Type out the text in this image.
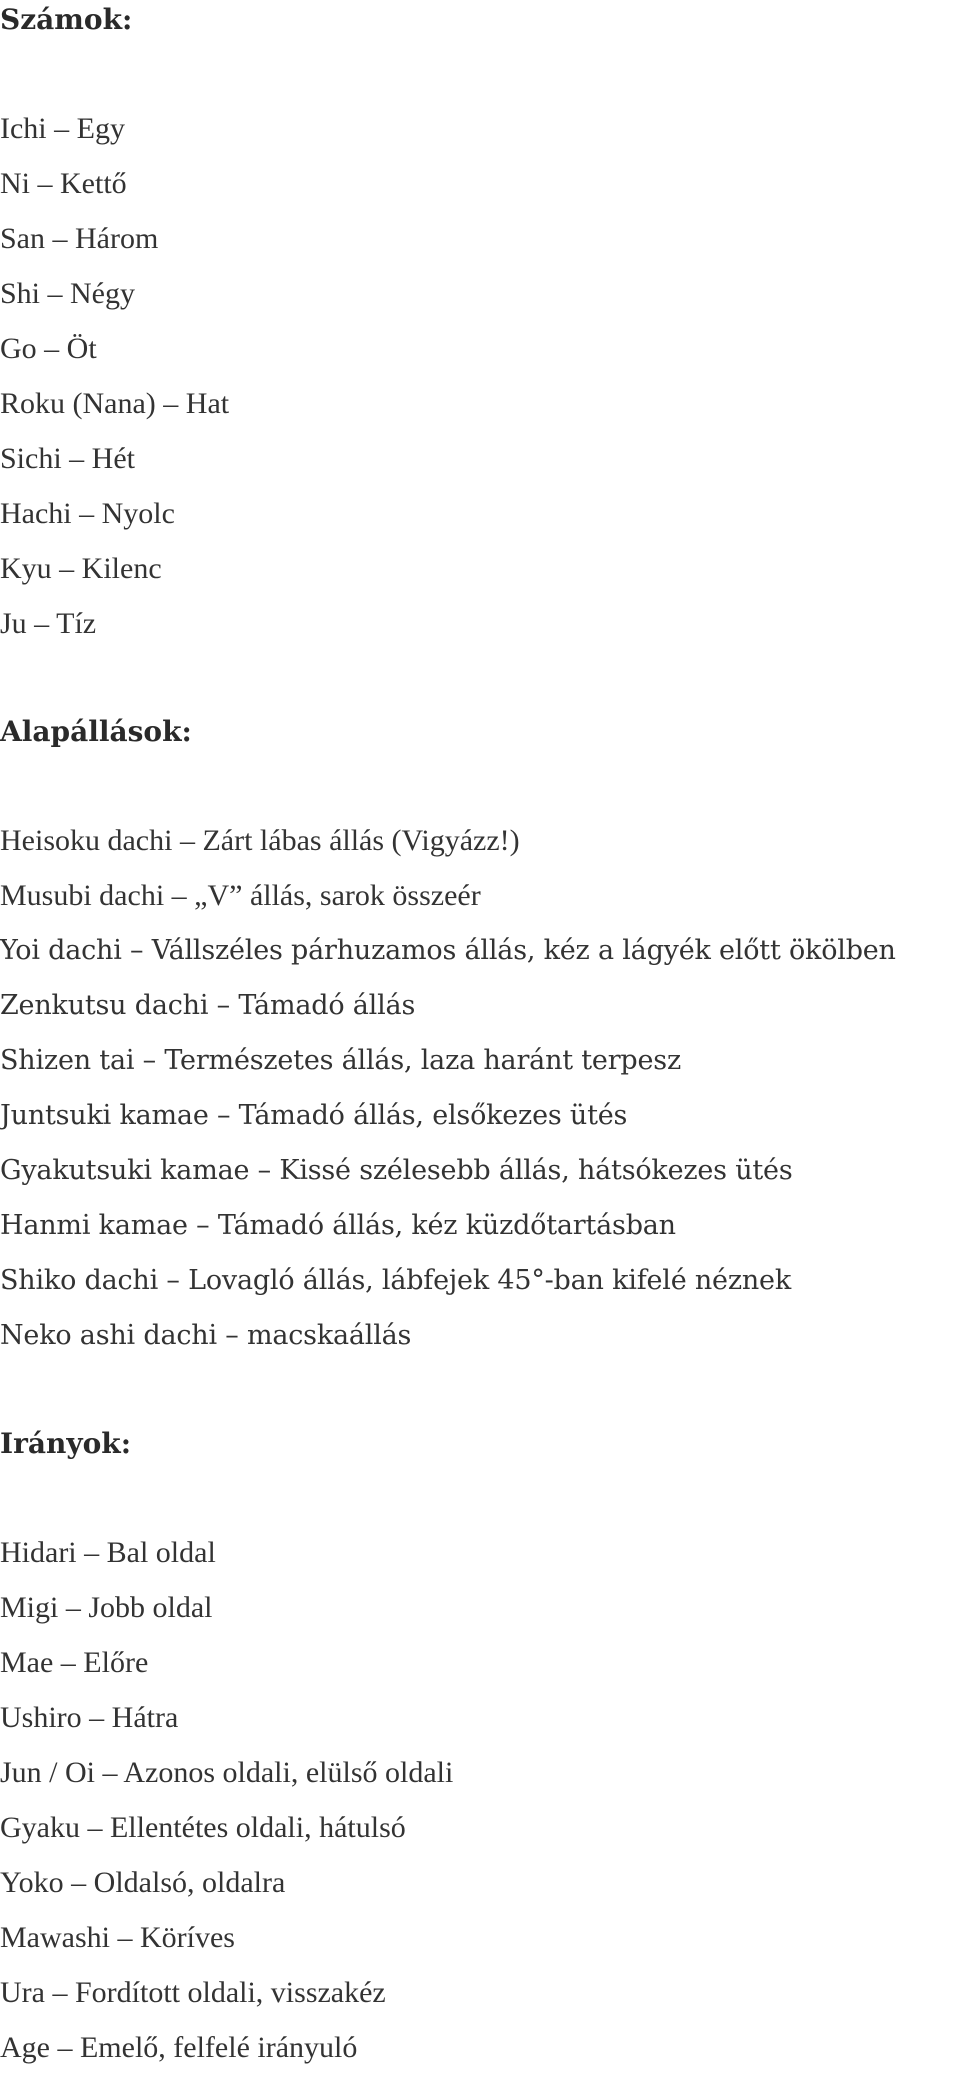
Számok:
Ichi – Egy
Ni – Kettő
San – Három
Shi – Négy
Go – Öt
Roku (Nana) – Hat
Sichi – Hét
Hachi – Nyolc
Kyu – Kilenc
Ju – Tíz
Alapállások:
Heisoku dachi – Zárt lábas állás (Vigyázz!)
Musubi dachi – „V” állás, sarok összeér
Yoi dachi – Vállszéles párhuzamos állás, kéz a lágyék előtt ökölben
Zenkutsu dachi – Támadó állás
Shizen tai – Természetes állás, laza haránt terpesz
Juntsuki kamae – Támadó állás, elsőkezes ütés
Gyakutsuki kamae – Kissé szélesebb állás, hátsókezes ütés
Hanmi kamae – Támadó állás, kéz küzdőtartásban
Shiko dachi – Lovagló állás, lábfejek 45°-ban kifelé néznek
Neko ashi dachi – macskaállás
Irányok:
Hidari – Bal oldal
Migi – Jobb oldal
Mae – Előre
Ushiro – Hátra
Jun / Oi – Azonos oldali, elülső oldali
Gyaku – Ellentétes oldali, hátulsó
Yoko – Oldalsó, oldalra
Mawashi – Köríves
Ura – Fordított oldali, visszakéz
Age – Emelő, felfelé irányuló
